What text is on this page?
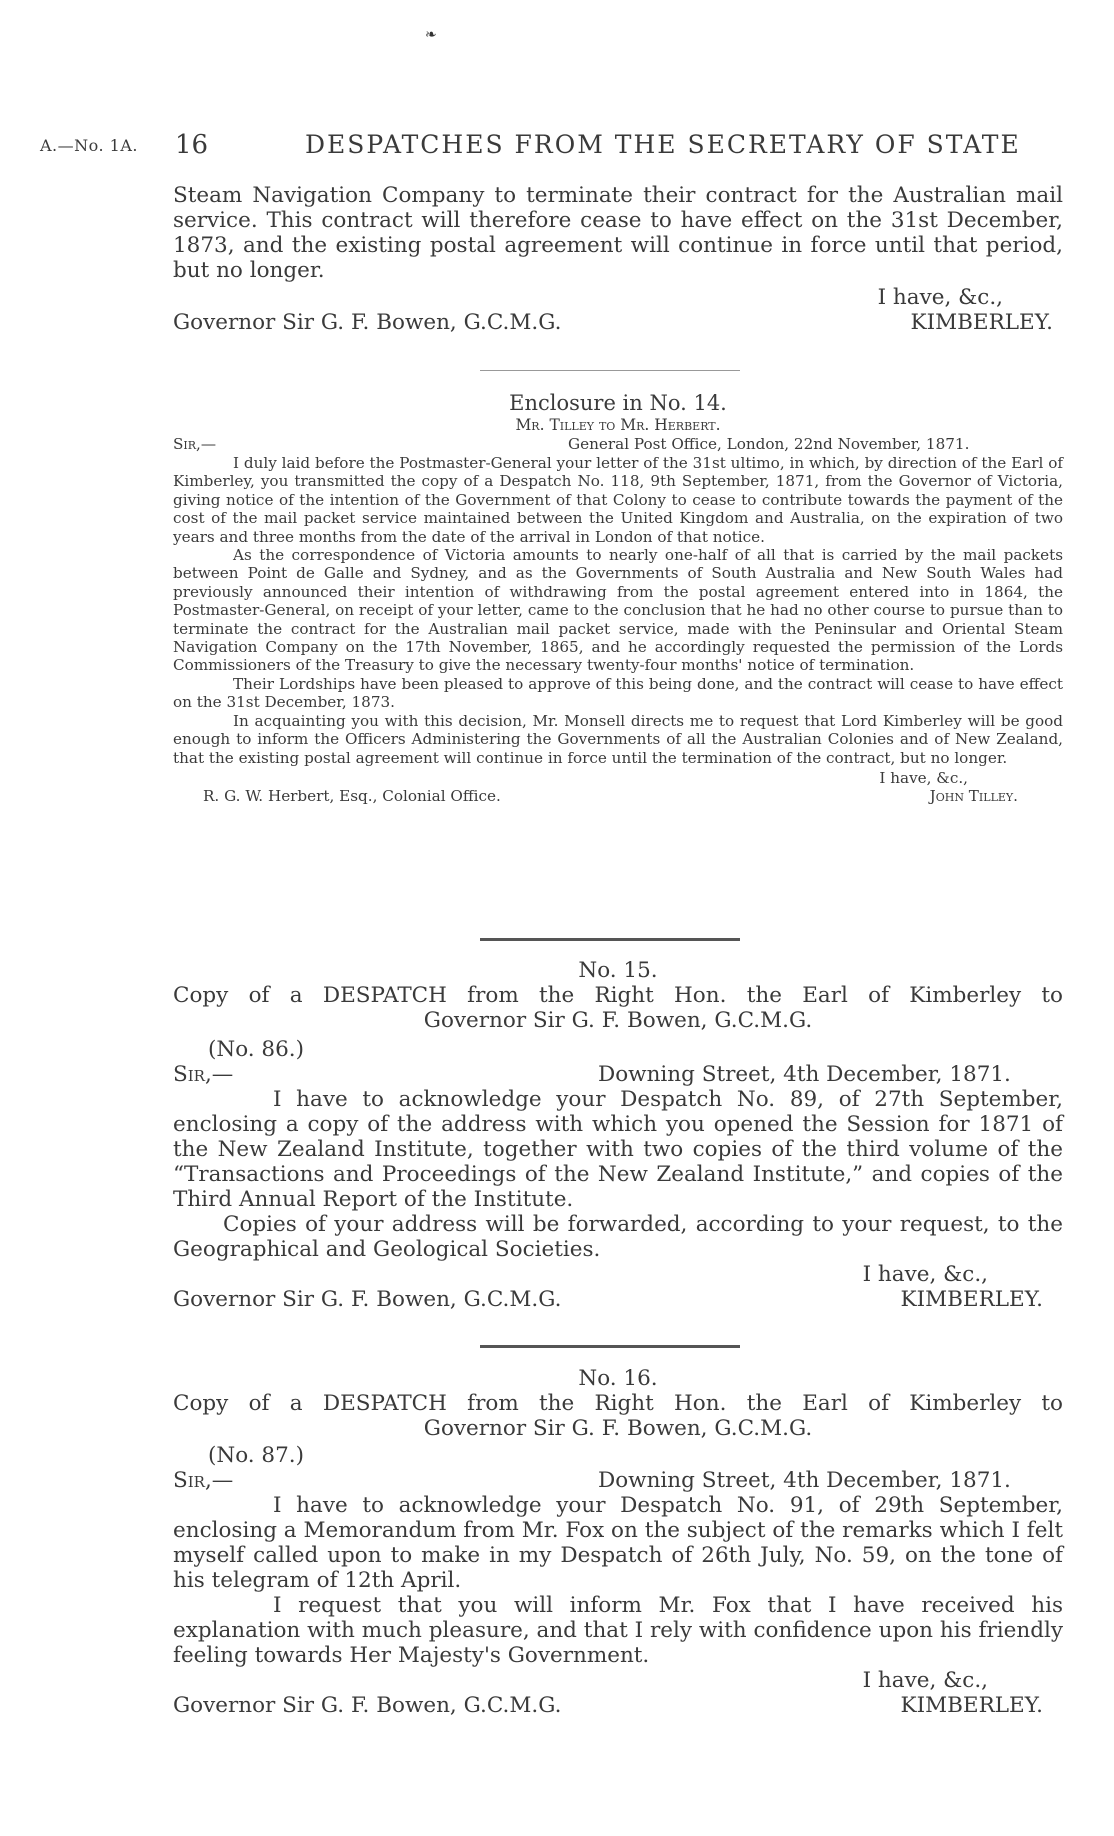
❧
A.—No. 1A. 16	DESPATCHES FROM THE SECRETARY OF STATE

Steam Navigation Company to terminate their contract for the Australian mail service. This contract will therefore cease to have effect on the 31st December, 1873, and the existing postal agreement will continue in force until that period, but no longer.

I have, &c.,
Governor Sir G. F. Bowen, G.C.M.G.	KIMBERLEY.
Enclosure in No. 14.
Mr. Tilley to Mr. Herbert.
Sir,—	General Post Office, London, 22nd November, 1871.

I duly laid before the Postmaster-General your letter of the 31st ultimo, in which, by direction of the Earl of Kimberley, you transmitted the copy of a Despatch No. 118, 9th September, 1871, from the Governor of Victoria, giving notice of the intention of the Government of that Colony to cease to contribute towards the payment of the cost of the mail packet service maintained between the United Kingdom and Australia, on the expiration of two years and three months from the date of the arrival in London of that notice.

As the correspondence of Victoria amounts to nearly one-half of all that is carried by the mail packets between Point de Galle and Sydney, and as the Governments of South Australia and New South Wales had previously announced their intention of withdrawing from the postal agreement entered into in 1864, the Postmaster-General, on receipt of your letter, came to the conclusion that he had no other course to pursue than to terminate the contract for the Australian mail packet service, made with the Peninsular and Oriental Steam Navigation Company on the 17th November, 1865, and he accordingly requested the permission of the Lords Commissioners of the Treasury to give the necessary twenty-four months' notice of termination.

Their Lordships have been pleased to approve of this being done, and the contract will cease to have effect on the 31st December, 1873.

In acquainting you with this decision, Mr. Monsell directs me to request that Lord Kimberley will be good enough to inform the Officers Administering the Governments of all the Australian Colonies and of New Zealand, that the existing postal agreement will continue in force until the termination of the contract, but no longer.

I have, &c.,
R. G. W. Herbert, Esq., Colonial Office.	John Tilley.
No. 15.
Copy of a DESPATCH from the Right Hon. the Earl of Kimberley to
Governor Sir G. F. Bowen, G.C.M.G.
(No. 86.)
Sir,—	Downing Street, 4th December, 1871.

I have to acknowledge your Despatch No. 89, of 27th September, enclosing a copy of the address with which you opened the Session for 1871 of the New Zealand Institute, together with two copies of the third volume of the “Transactions and Proceedings of the New Zealand Institute,” and copies of the Third Annual Report of the Institute.

Copies of your address will be forwarded, according to your request, to the Geographical and Geological Societies.

I have, &c.,
Governor Sir G. F. Bowen, G.C.M.G.	KIMBERLEY.
No. 16.
Copy of a DESPATCH from the Right Hon. the Earl of Kimberley to
Governor Sir G. F. Bowen, G.C.M.G.
(No. 87.)
Sir,—	Downing Street, 4th December, 1871.

I have to acknowledge your Despatch No. 91, of 29th September, enclosing a Memorandum from Mr. Fox on the subject of the remarks which I felt myself called upon to make in my Despatch of 26th July, No. 59, on the tone of his telegram of 12th April.

I request that you will inform Mr. Fox that I have received his explanation with much pleasure, and that I rely with confidence upon his friendly feeling towards Her Majesty's Government.

I have, &c.,
Governor Sir G. F. Bowen, G.C.M.G.	KIMBERLEY.
